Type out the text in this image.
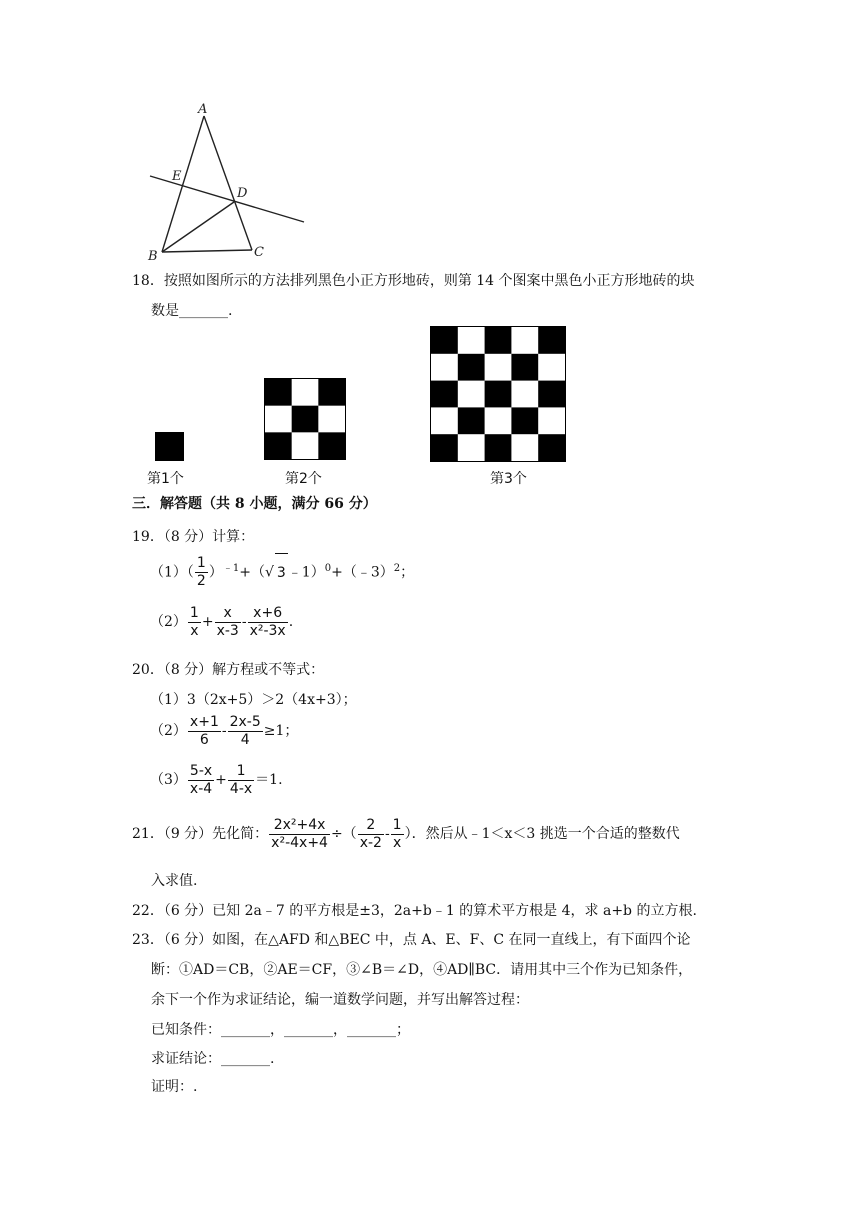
A
E
D
B	C
18．按照如图所示的方法排列黑色小正方形地砖，则第 14 个图案中黑色小正方形地砖的块
数是_______.
第1个	第2个	第3个
三．解答题（共 8 小题，满分 66 分）
19．（8 分）计算：
$(1)( \frac{1}{2} )^{﹣1}+(√$ 3 ﹣1）$^0$+（﹣3）$^2$；
$(2) \frac{1}{x} + \frac{x}{x-3} - \frac{x+6}{\text{x²-3x}}$ .
20．（8 分）解方程或不等式：
（1）3（2x+5）＞2（4x+3）；
$(2) \frac{x+1}{6} - \frac{2x-5}{4} \ge 1$；
$(3) \frac{5-x}{x-4} + \frac{1}{4-x} =1$.
21．（9 分）先化简： $\frac{\text{2x²+4x}}{\text{x²-4x+4}}$ ÷（ $\frac{2}{x-2} - \frac{1}{x}$ ）．然后从﹣1＜x＜3 挑选一个合适的整数代
入求值.
22．（6 分）已知 2a﹣7 的平方根是±3，2a+b﹣1 的算术平方根是 4，求 a+b 的立方根.
23．（6 分）如图，在△AFD 和△BEC 中，点 A、E、F、C 在同一直线上，有下面四个论
断：①AD＝CB，②AE＝CF，③∠B＝∠D，④AD∥BC．请用其中三个作为已知条件，
余下一个作为求证结论，编一道数学问题，并写出解答过程：
已知条件：_______，_______，_______；
求证结论：_______.
证明：.
